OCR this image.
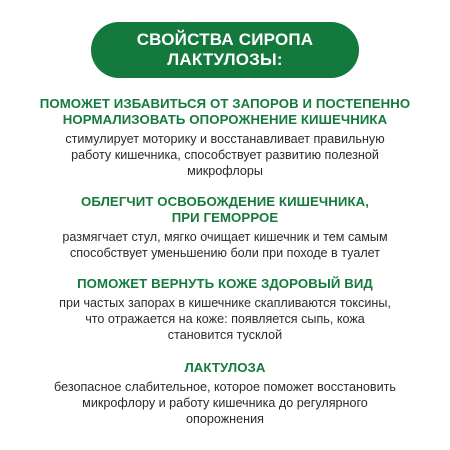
СВОЙСТВА СИРОПА
ЛАКТУЛОЗЫ:
ПОМОЖЕТ ИЗБАВИТЬСЯ ОТ ЗАПОРОВ И ПОСТЕПЕННО
НОРМАЛИЗОВАТЬ ОПОРОЖНЕНИЕ КИШЕЧНИКА
стимулирует моторику и восстанавливает правильную
работу кишечника, способствует развитию полезной
микрофлоры
ОБЛЕГЧИТ ОСВОБОЖДЕНИЕ КИШЕЧНИКА,
ПРИ ГЕМОРРОЕ
размягчает стул, мягко очищает кишечник и тем самым
способствует уменьшению боли при походе в туалет
ПОМОЖЕТ ВЕРНУТЬ КОЖЕ ЗДОРОВЫЙ ВИД
при частых запорах в кишечнике скапливаются токсины,
что отражается на коже: появляется сыпь, кожа
становится тусклой
ЛАКТУЛОЗА
безопасное слабительное, которое поможет восстановить
микрофлору и работу кишечника до регулярного
опорожнения
